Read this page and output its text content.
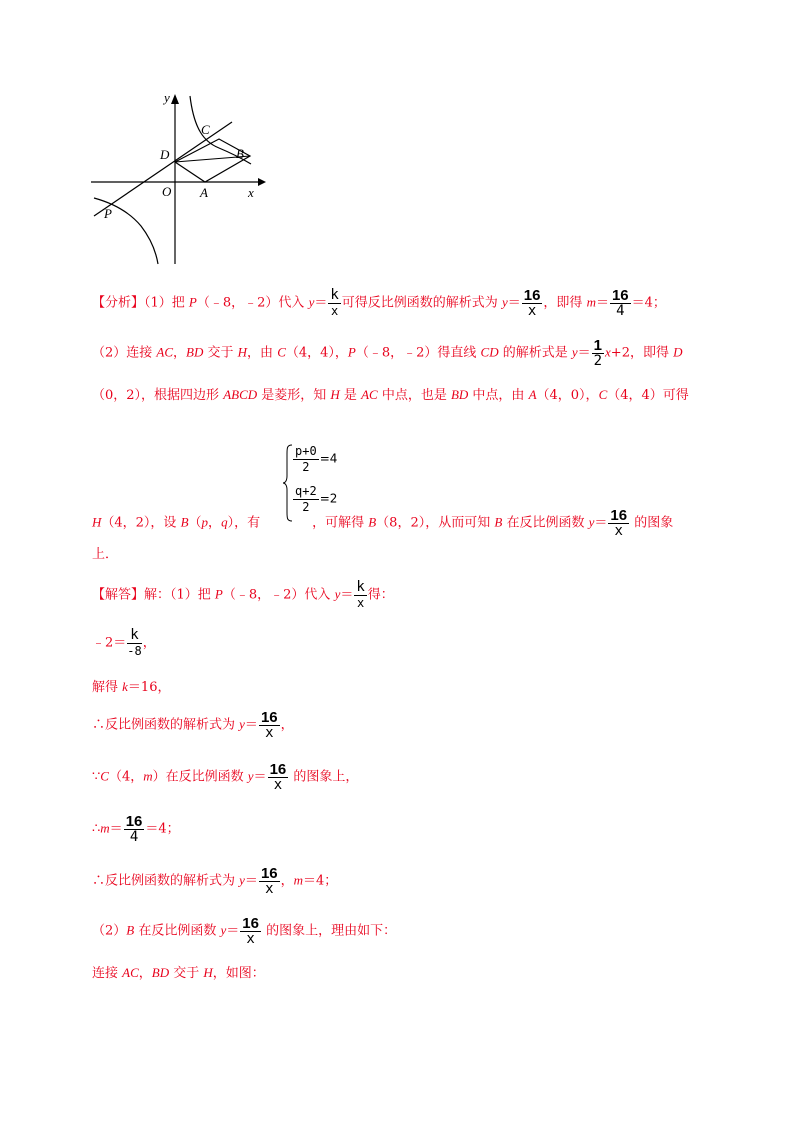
y
x
C
D	B
O A
P
【分析】（1）把 P（﹣8，﹣2）代入 $y= \frac{k}{x}$ 可得反比例函数的解析式为 $y= \frac{16}{x}$ ，即得 $m= \frac{16}{4} =4$；
（2）连接 AC，BD 交于 H，由 C（4，4），P（﹣8，﹣2）得直线 CD 的解析式是 $y= \frac{1}{2} x+2$，即得 D
（0，2），根据四边形 ABCD 是菱形，知 H 是 AC 中点，也是 BD 中点，由 A（4，0），C（4，4）可得
$\frac{p+0}{2} =4$
$\frac{q+2}{2} =2$
H（4，2），设 B（p，q），有	，可解得 B（8，2），从而可知 B 在反比例函数 $y= \frac{16}{x}$ 的图象
上．
【解答】解：（1）把 P（﹣8，﹣2）代入 $y= \frac{k}{x}$ 得：
﹣2＝ $\frac{k}{-8}$ ，
解得 k＝16，
∴反比例函数的解析式为 $y= \frac{16}{x}$ ，
∵C（4，m）在反比例函数 $y= \frac{16}{x}$ 的图象上，
∴m＝ $\frac{16}{4} =4$；
∴反比例函数的解析式为 $y= \frac{16}{x}$ ，m＝4；
（2）B 在反比例函数 $y= \frac{16}{x}$ 的图象上，理由如下：
连接 AC，BD 交于 H，如图：
